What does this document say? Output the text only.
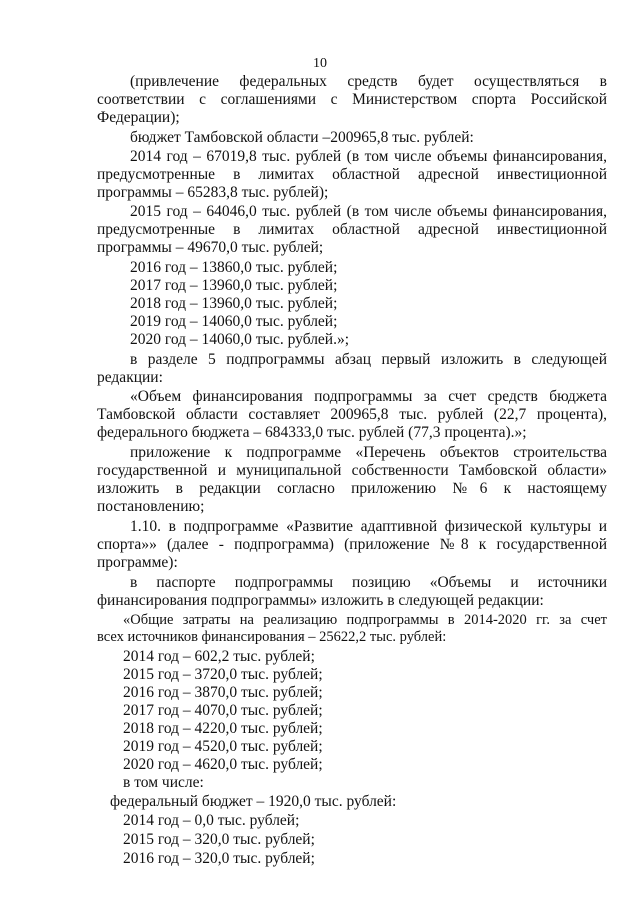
10

(привлечение федеральных средств будет осуществляться в

соответствии с соглашениями с Министерством спорта Российской

Федерации);

бюджет Тамбовской области –200965,8 тыс. рублей:

2014 год – 67019,8 тыс. рублей (в том числе объемы финансирования,

предусмотренные в лимитах областной адресной инвестиционной

программы – 65283,8 тыс. рублей);

2015 год – 64046,0 тыс. рублей (в том числе объемы финансирования,

предусмотренные в лимитах областной адресной инвестиционной

программы – 49670,0 тыс. рублей;

2016 год – 13860,0 тыс. рублей;

2017 год – 13960,0 тыс. рублей;

2018 год – 13960,0 тыс. рублей;

2019 год – 14060,0 тыс. рублей;

2020 год – 14060,0 тыс. рублей.»;

в разделе 5 подпрограммы абзац первый изложить в следующей

редакции:

«Объем финансирования подпрограммы за счет средств бюджета

Тамбовской области составляет 200965,8 тыс. рублей (22,7 процента),

федерального бюджета – 684333,0 тыс. рублей (77,3 процента).»;

приложение к подпрограмме «Перечень объектов строительства

государственной и муниципальной собственности Тамбовской области»

изложить в редакции согласно приложению №6 к настоящему

постановлению;

1.10. в подпрограмме «Развитие адаптивной физической культуры и

спорта»» (далее - подпрограмма) (приложение №8 к государственной

программе):

в паспорте подпрограммы позицию «Объемы и источники

финансирования подпрограммы» изложить в следующей редакции:

«Общие затраты на реализацию подпрограммы в 2014-2020 гг. за счет

всех источников финансирования – 25622,2 тыс. рублей:

2014 год – 602,2 тыс. рублей;

2015 год – 3720,0 тыс. рублей;

2016 год – 3870,0 тыс. рублей;

2017 год – 4070,0 тыс. рублей;

2018 год – 4220,0 тыс. рублей;

2019 год – 4520,0 тыс. рублей;

2020 год – 4620,0 тыс. рублей;

в том числе:

федеральный бюджет – 1920,0 тыс. рублей:

2014 год – 0,0 тыс. рублей;

2015 год – 320,0 тыс. рублей;

2016 год – 320,0 тыс. рублей;
